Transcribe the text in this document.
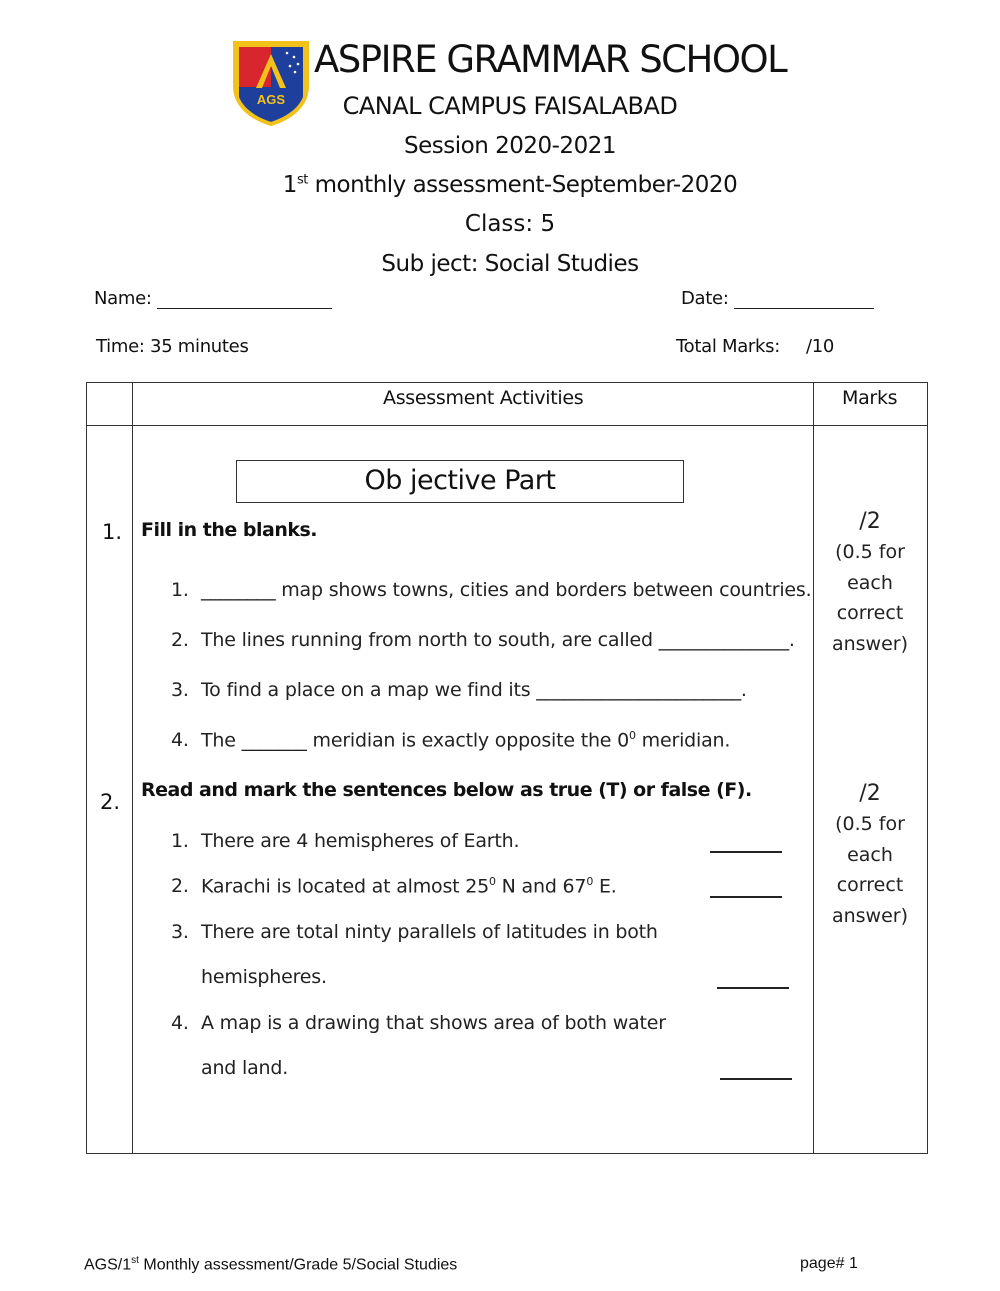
AGS
ASPIRE GRAMMAR SCHOOL
CANAL CAMPUS FAISALABAD
Session 2020-2021
1st monthly assessment-September-2020
Class: 5
Sub ject: Social Studies
Name:	Date:
Time: 35 minutes	Total Marks: /10
Assessment Activities	Marks
Ob jective Part
1. Fill in the blanks.
1. ________ map shows towns, cities and borders between countries.
2. The lines running from north to south, are called ______________.
3. To find a place on a map we find its ______________________.
4. The _______ meridian is exactly opposite the $0^0$ meridian.
/2
(0.5 for
each
correct
answer)
2. Read and mark the sentences below as true (T) or false (F).
1. There are 4 hemispheres of Earth.
2. Karachi is located at almost $25^0$ N and $67^0$ E.
3. There are total ninty parallels of latitudes in both
hemispheres.
4. A map is a drawing that shows area of both water
and land.
/2
(0.5 for
each
correct
answer)
AGS/1st Monthly assessment/Grade 5/Social Studies	page# 1
